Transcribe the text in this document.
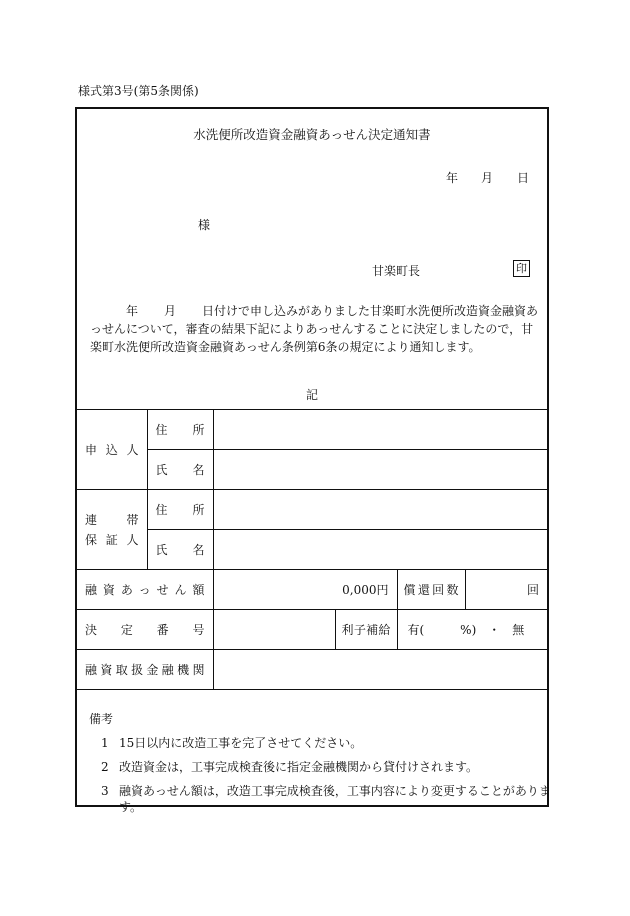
様式第3号(第5条関係)
水洗便所改造資金融資あっせん決定通知書
年 月 日
様
甘楽町長	印
年 月 日付けで申し込みがありました甘楽町水洗便所改造資金融資あっせんについて，審査の結果下記によりあっせんすることに決定しましたので，甘楽町水洗便所改造資金融資あっせん条例第6条の規定により通知します。
記
申込人	住所				
	氏名				

連帯
保証人	住所				
	氏名				
融資あっせん額		0,000円		償還回数	回
決定番号			利子補給	有(　　　%)　・　無	
融資取扱金融機関					
備考
1 15日以内に改造工事を完了させてください。
2 改造資金は，工事完成検査後に指定金融機関から貸付けされます。
3 融資あっせん額は，改造工事完成検査後，工事内容により変更することがあります。
